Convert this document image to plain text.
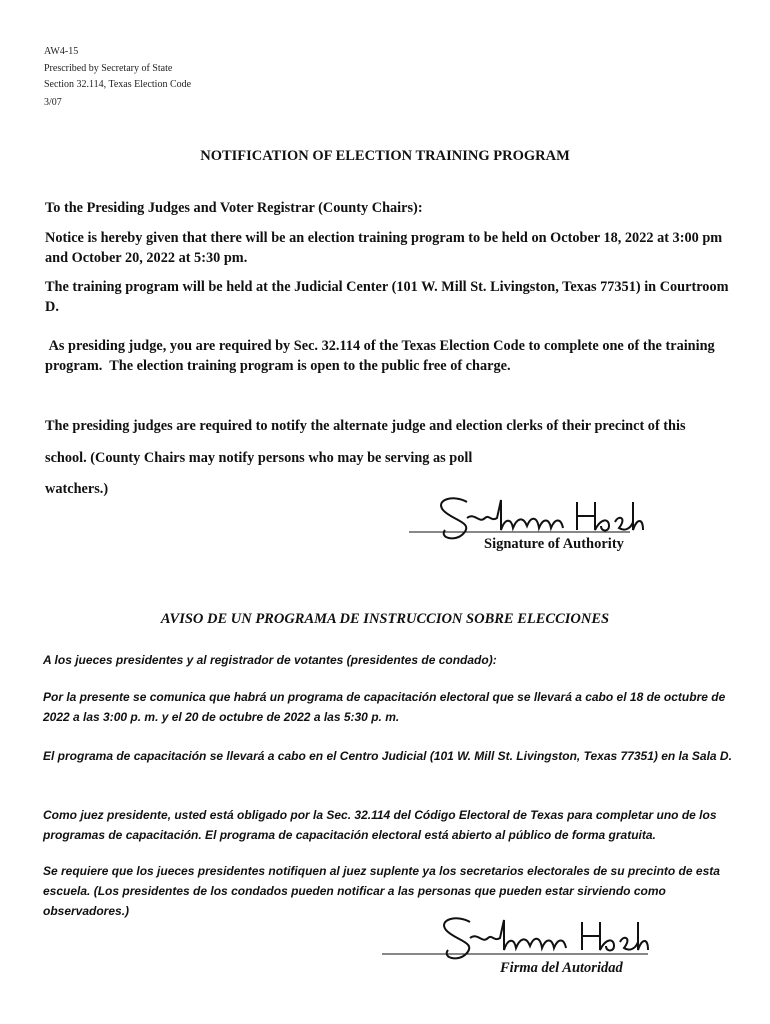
AW4-15
Prescribed by Secretary of State
Section 32.114, Texas Election Code
3/07
NOTIFICATION OF ELECTION TRAINING PROGRAM
To the Presiding Judges and Voter Registrar (County Chairs):
Notice is hereby given that there will be an election training program to be held on October 18, 2022 at 3:00 pm and October 20, 2022 at 5:30 pm.
The training program will be held at the Judicial Center (101 W. Mill St. Livingston, Texas 77351) in Courtroom D.
As presiding judge, you are required by Sec. 32.114 of the Texas Election Code to complete one of the training program.  The election training program is open to the public free of charge.
The presiding judges are required to notify the alternate judge and election clerks of their precinct of this
school. (County Chairs may notify persons who may be serving as poll
watchers.)
Signature of Authority
AVISO DE UN PROGRAMA DE INSTRUCCION SOBRE ELECCIONES
A los jueces presidentes y al registrador de votantes (presidentes de condado):
Por la presente se comunica que habrá un programa de capacitación electoral que se llevará a cabo el 18 de octubre de 2022 a las 3:00 p. m. y el 20 de octubre de 2022 a las 5:30 p. m.
El programa de capacitación se llevará a cabo en el Centro Judicial (101 W. Mill St. Livingston, Texas 77351) en la Sala D.
Como juez presidente, usted está obligado por la Sec. 32.114 del Código Electoral de Texas para completar uno de los programas de capacitación. El programa de capacitación electoral está abierto al público de forma gratuita.
Se requiere que los jueces presidentes notifiquen al juez suplente ya los secretarios electorales de su precinto de esta escuela. (Los presidentes de los condados pueden notificar a las personas que pueden estar sirviendo como observadores.)
Firma del Autoridad
